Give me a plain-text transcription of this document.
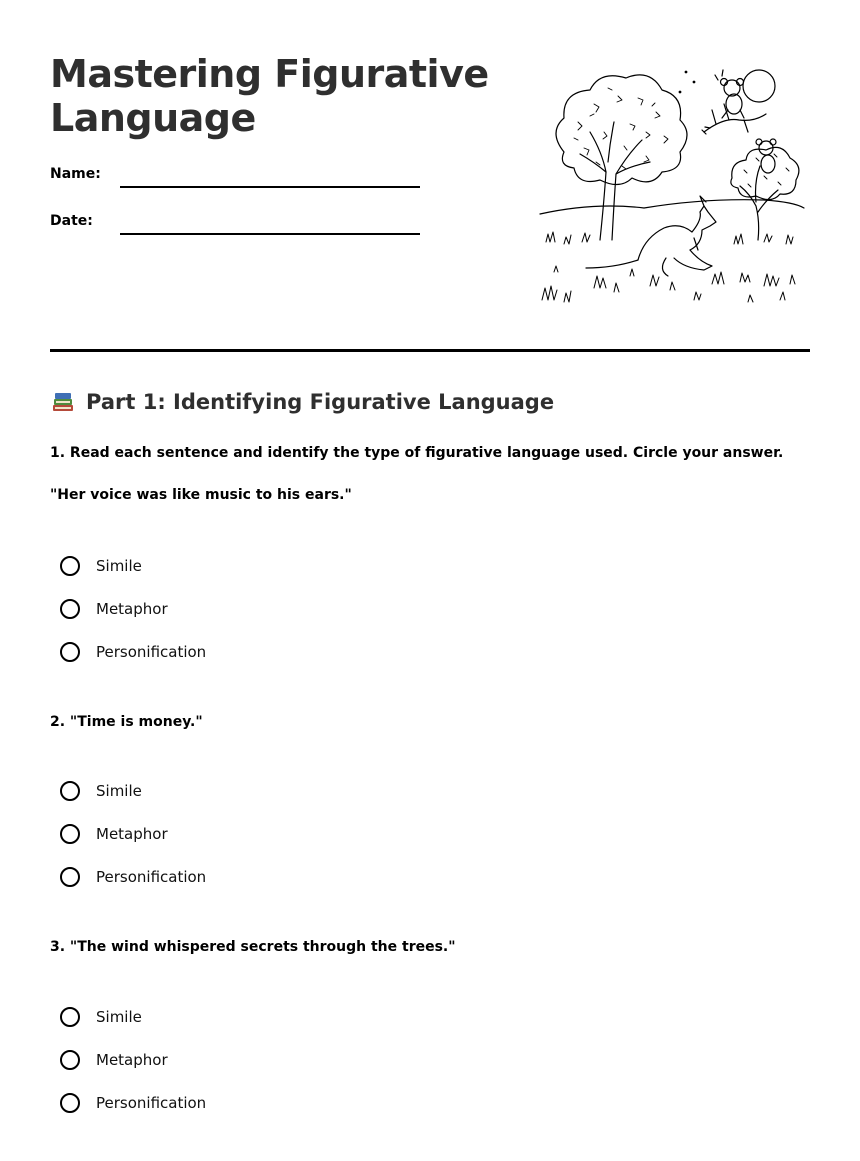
Mastering Figurative Language
Name:
Date:
Part 1: Identifying Figurative Language

1. Read each sentence and identify the type of figurative language used. Circle your answer.

"Her voice was like music to his ears."

Simile
Metaphor
Personification

2. "Time is money."

Simile
Metaphor
Personification

3. "The wind whispered secrets through the trees."

Simile
Metaphor
Personification
